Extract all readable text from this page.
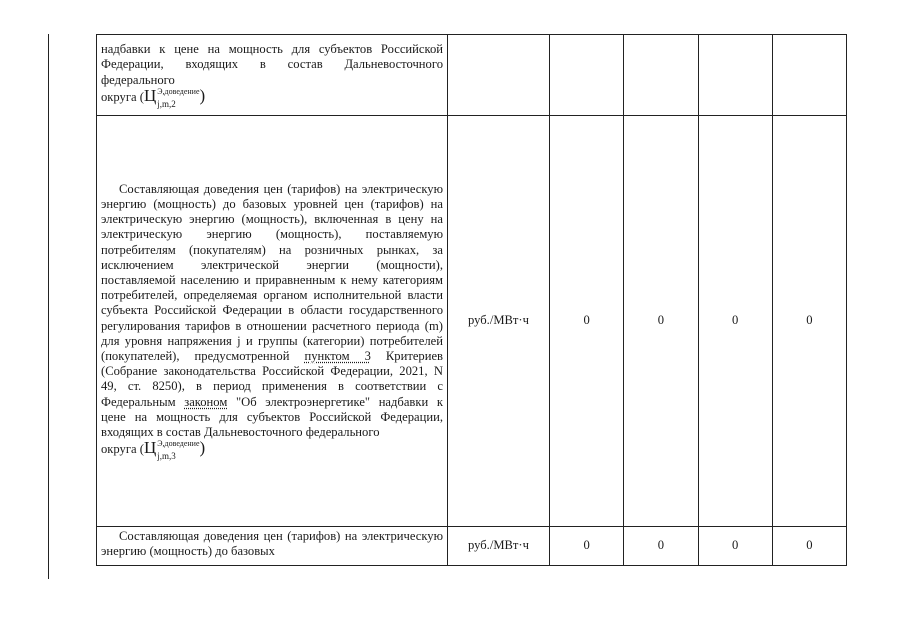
надбавки к цене на мощность для субъектов Российской Федерации, входящих в состав Дальневосточного федерального
округа (Ц Э,доведение
j,m,2 )					

Составляющая доведения цен (тарифов) на электрическую энергию (мощность) до базовых уровней цен (тарифов) на электрическую энергию (мощность), включенная в цену на электрическую энергию (мощность), поставляемую потребителям (покупателям) на розничных рынках, за исключением электрической энергии (мощности), поставляемой населению и приравненным к нему категориям потребителей, определяемая органом исполнительной власти субъекта Российской Федерации в области государственного регулирования тарифов в отношении расчетного периода (m) для уровня напряжения j и группы (категории) потребителей (покупателей), предусмотренной пунктом 3 Критериев (Собрание законодательства Российской Федерации, 2021, N 49, ст. 8250), в период применения в соответствии с Федеральным законом "Об электроэнергетике" надбавки к цене на мощность для субъектов Российской Федерации, входящих в состав Дальневосточного федерального
округа (Ц Э,доведение
j,m,3 )	руб./МВт·ч	0	0	0	0

Составляющая доведения цен (тарифов) на электрическую энергию (мощность) до базовых	руб./МВт·ч	0	0	0	0
